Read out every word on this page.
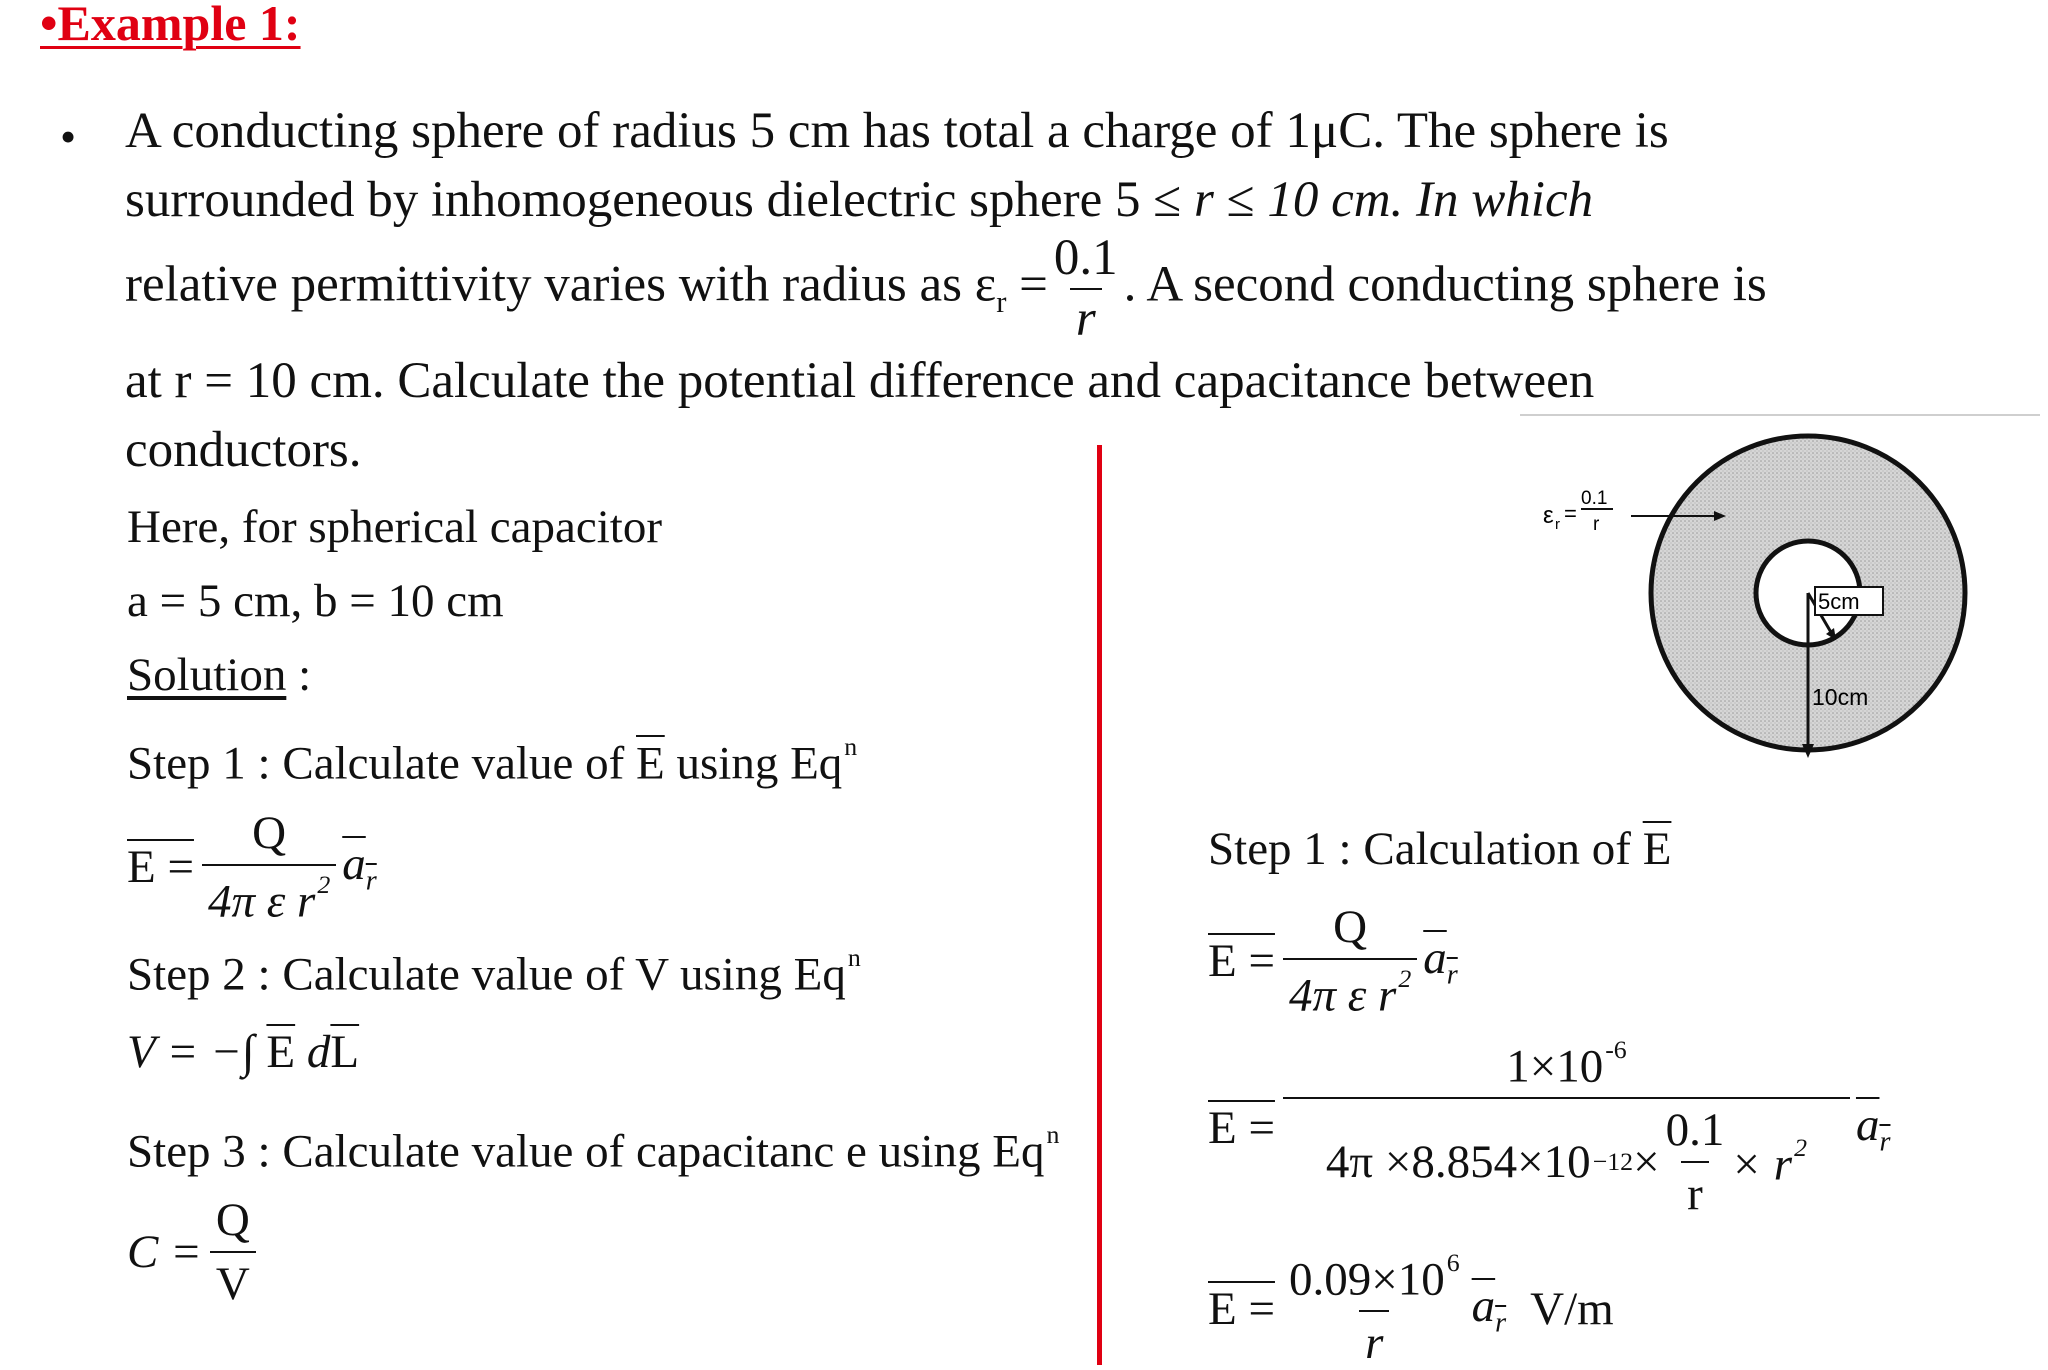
•Example 1:
• A conducting sphere of radius 5 cm has total a charge of 1μC. The sphere is
surrounded by inhomogeneous dielectric sphere 5 ≤ r ≤ 10 cm. In which
relative permittivity varies with radius as $\varepsilon_r = \frac{0.1}{r}$ . A second conducting sphere is
at r = 10 cm. Calculate the potential difference and capacitance between
conductors.
Here, for spherical capacitor
a = 5 cm, b = 10 cm
Solution :
Step 1 : Calculate value of $\overline{E}$ using Eq$^n$
$E = \frac{Q}{4\pi \varepsilon r^2} a_r$
Step 2 : Calculate value of V using Eq$^n$
V = −∫ $\overline{E}$ $d\overline{L}$
Step 3 : Calculate value of capacitanc e using Eq$^n$
$C = \frac{Q}{V}$
Step 1 : Calculation of $\overline{E}$
$E = \frac{Q}{4\pi \varepsilon r^2} a_r$
$E = \frac{1\times 10^{-6}}{4\pi \times 8.854\times 10 -12 \times \frac{0.1}{r} \times r^2} a_r$
$E = \frac{0.09\times 10^6}{r} a_r$ V/m
ε r =
0.1
r
5cm
10cm
